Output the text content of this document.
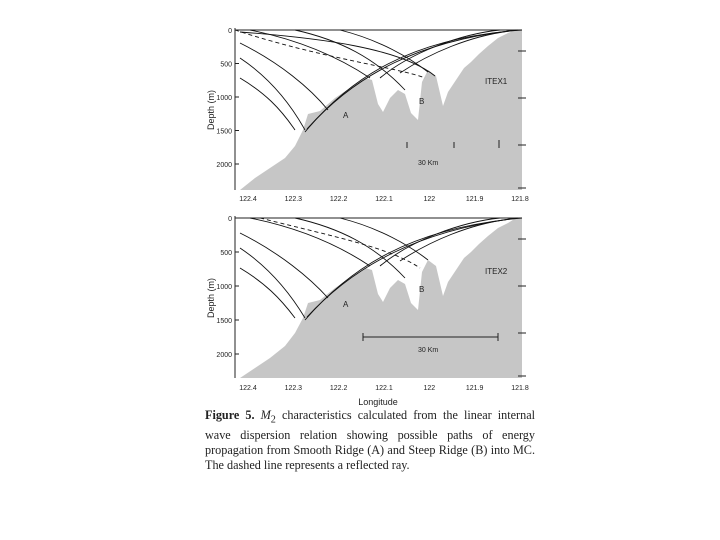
0
500
1000
1500
2000
122.4	122.3	122.2	122.1	122	121.9	121.8
Depth (m)	A
B
ITEX1
30 Km
0
500
1000
1500
2000
122.4	122.3	122.2	122.1	122	121.9	121.8
Depth (m)	A
B
ITEX2
30 Km
Longitude

Figure 5. $M_2$ characteristics calculated from the linear internal wave dispersion relation showing possible paths of energy propagation from Smooth Ridge (A) and Steep Ridge (B) into MC. The dashed line represents a reflected ray.
